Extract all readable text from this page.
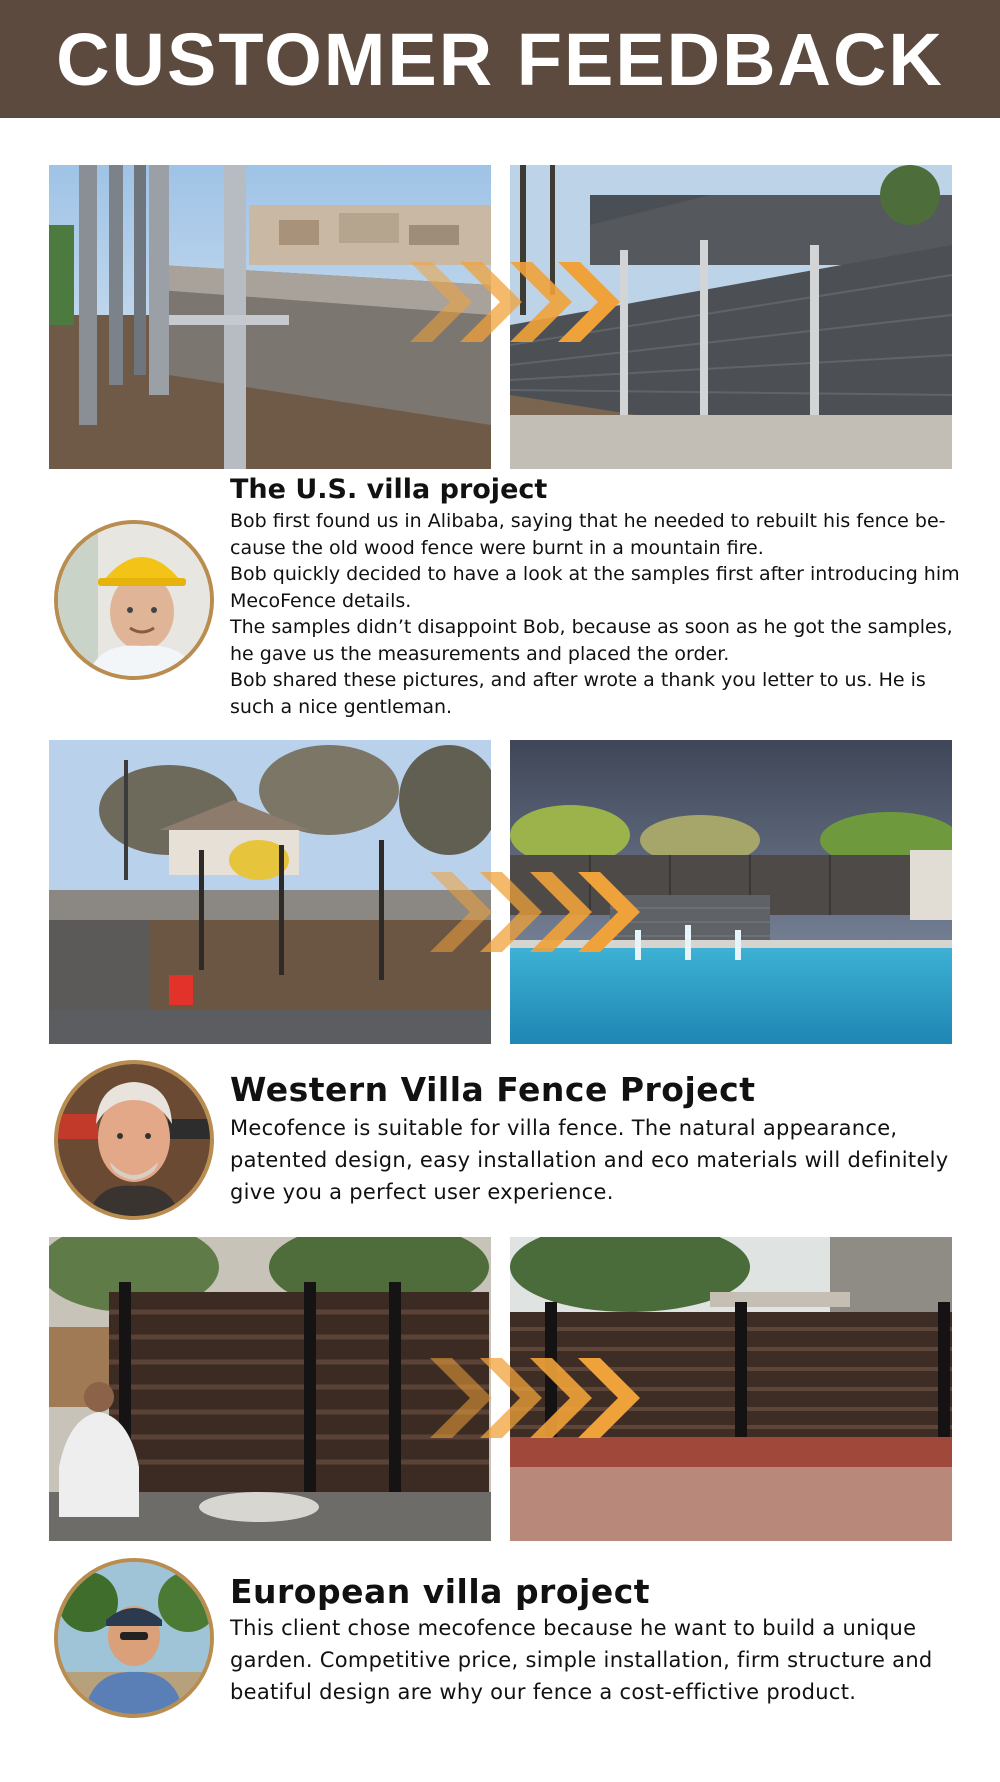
CUSTOMER FEEDBACK
The U.S. villa project

Bob first found us in Alibaba, saying that he needed to rebuilt his fence be-cause the old wood fence were burnt in a mountain fire.

Bob quickly decided to have a look at the samples first after introducing him MecoFence details.

The samples didn’t disappoint Bob, because as soon as he got the samples, he gave us the measurements and placed the order.

Bob shared these pictures, and after wrote a thank you letter to us. He is such a nice gentleman.

Western Villa Fence Project

Mecofence is suitable for villa fence. The natural appearance, patented design, easy installation and eco materials will definitely give you a perfect user experience.

European villa project

This client chose mecofence because he want to build a unique garden. Competitive price, simple installation, firm structure and beatiful design are why our fence a cost-effictive product.
